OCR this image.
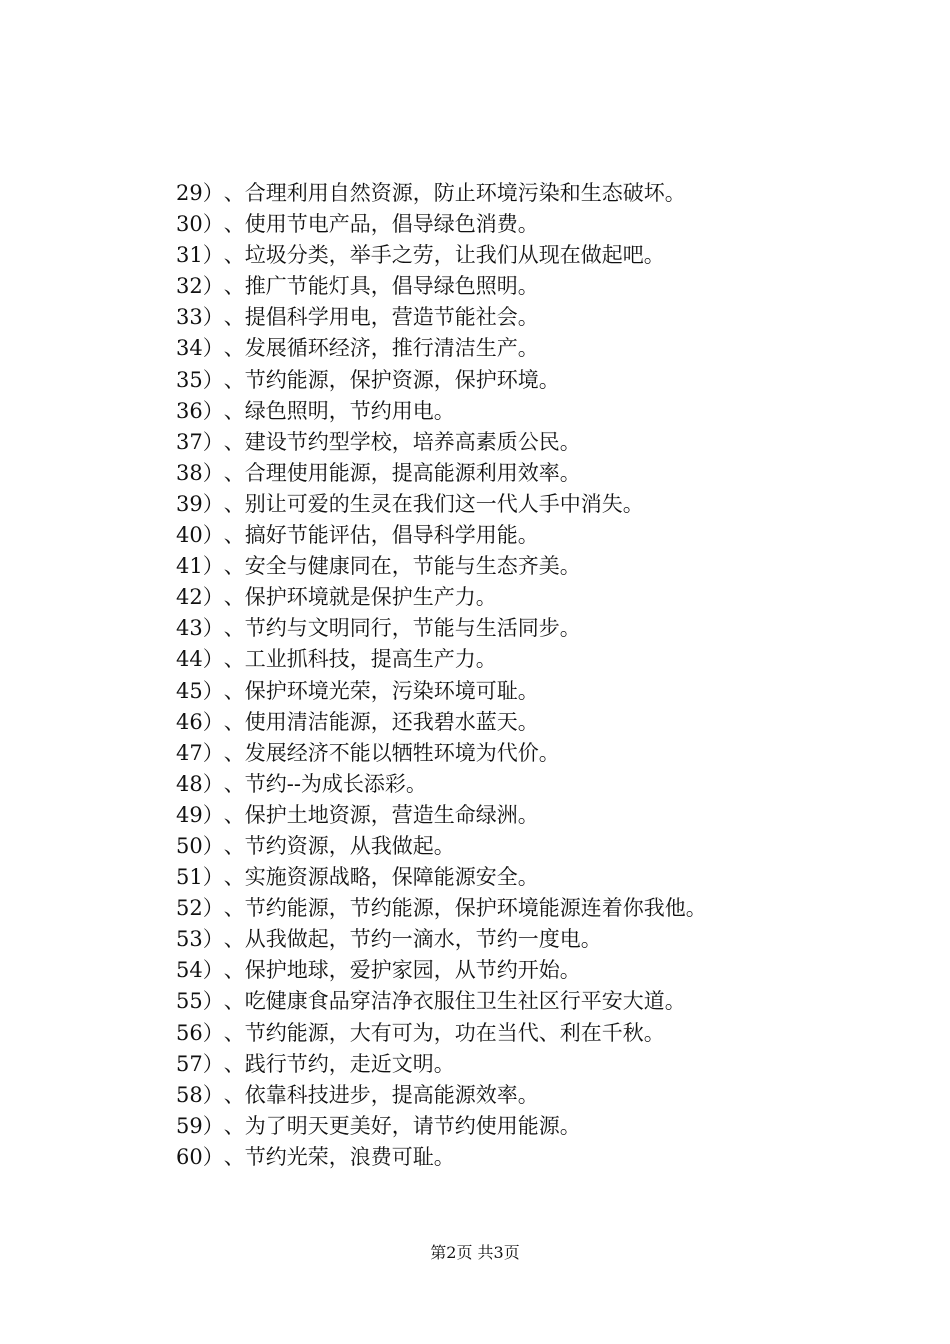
29）、合理利用自然资源，防止环境污染和生态破坏。
30）、使用节电产品，倡导绿色消费。
31）、垃圾分类，举手之劳，让我们从现在做起吧。
32）、推广节能灯具，倡导绿色照明。
33）、提倡科学用电，营造节能社会。
34）、发展循环经济，推行清洁生产。
35）、节约能源，保护资源，保护环境。
36）、绿色照明，节约用电。
37）、建设节约型学校，培养高素质公民。
38）、合理使用能源，提高能源利用效率。
39）、别让可爱的生灵在我们这一代人手中消失。
40）、搞好节能评估，倡导科学用能。
41）、安全与健康同在，节能与生态齐美。
42）、保护环境就是保护生产力。
43）、节约与文明同行，节能与生活同步。
44）、工业抓科技，提高生产力。
45）、保护环境光荣，污染环境可耻。
46）、使用清洁能源，还我碧水蓝天。
47）、发展经济不能以牺牲环境为代价。
48）、节约--为成长添彩。
49）、保护土地资源，营造生命绿洲。
50）、节约资源，从我做起。
51）、实施资源战略，保障能源安全。
52）、节约能源，节约能源，保护环境能源连着你我他。
53）、从我做起，节约一滴水，节约一度电。
54）、保护地球，爱护家园，从节约开始。
55）、吃健康食品穿洁净衣服住卫生社区行平安大道。
56）、节约能源，大有可为，功在当代、利在千秋。
57）、践行节约，走近文明。
58）、依靠科技进步，提高能源效率。
59）、为了明天更美好，请节约使用能源。
60）、节约光荣，浪费可耻。
第2页 共3页
